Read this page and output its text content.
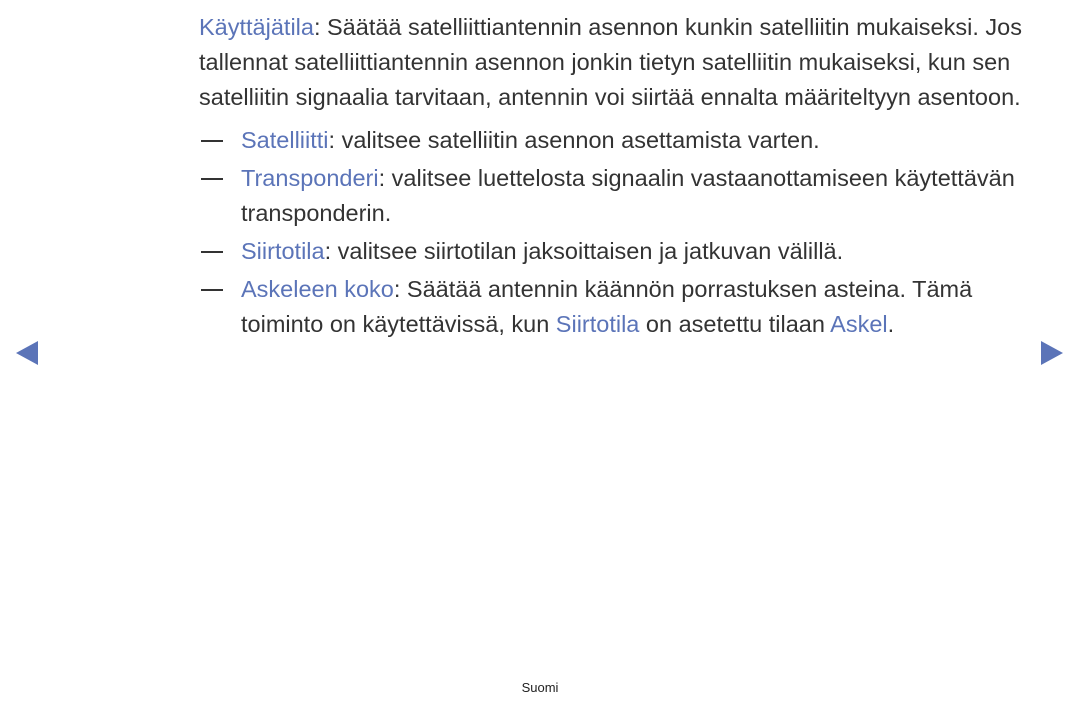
Käyttäjätila: Säätää satelliittiantennin asennon kunkin satelliitin mukaiseksi. Jos tallennat satelliittiantennin asennon jonkin tietyn satelliitin mukaiseksi, kun sen satelliitin signaalia tarvitaan, antennin voi siirtää ennalta määriteltyyn asentoon.

Satelliitti: valitsee satelliitin asennon asettamista varten.
Transponderi: valitsee luettelosta signaalin vastaanottamiseen käytettävän transponderin.
Siirtotila: valitsee siirtotilan jaksoittaisen ja jatkuvan välillä.
Askeleen koko: Säätää antennin käännön porrastuksen asteina. Tämä toiminto on käytettävissä, kun Siirtotila on asetettu tilaan Askel.
Suomi
